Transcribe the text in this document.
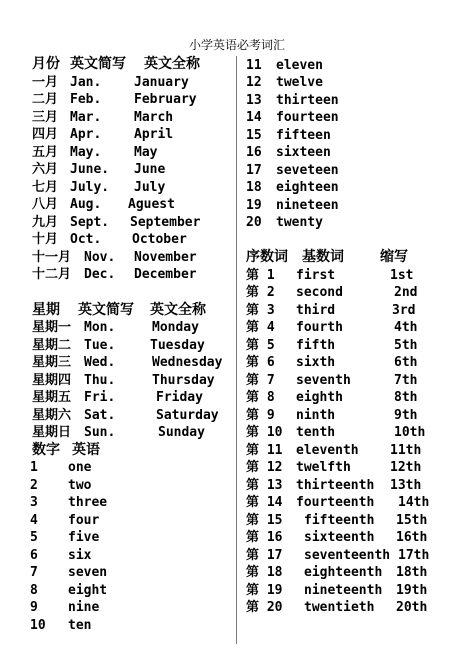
小学英语必考词汇
月份 英文简写 英文全称
一月 Jan.	January
二月 Feb.	February
三月 Mar.	March
四月 Apr.	April
五月 May.	May
六月 June. June
七月 July. July
八月 Aug. Aguest
九月 Sept. September
十月 Oct. October
十一月 Nov. November
十二月 Dec. December
星期 英文简写 英文全称
星期一 Mon.	Monday
星期二 Tue.	Tuesday
星期三 Wed.	Wednesday
星期四 Thu.	Thursday
星期五 Fri.	Friday
星期六 Sat.	Saturday
星期日 Sun.	Sunday
数字 英语
1 one
2 two
3 three
4 four
5 five
6 six
7 seven
8 eight
9 nine
10 ten
11 eleven
12 twelve
13 thirteen
14 fourteen
15 fifteen
16 sixteen
17 seveteen
18 eighteen
19 nineteen
20 twenty
序数词 基数词	缩写
第 1 first	1st
第 2 second	2nd
第 3 third	3rd
第 4 fourth	4th
第 5 fifth	5th
第 6 sixth	6th
第 7 seventh	7th
第 8 eighth	8th
第 9 ninth	9th
第 10 tenth	10th
第 11 eleventh 11th
第 12 twelfth	12th
第 13 thirteenth 13th
第 14 fourteenth 14th
第 15 fifteenth 15th
第 16 sixteenth 16th
第 17 seventeenth 17th
第 18 eighteenth 18th
第 19 nineteenth 19th
第 20 twentieth 20th
